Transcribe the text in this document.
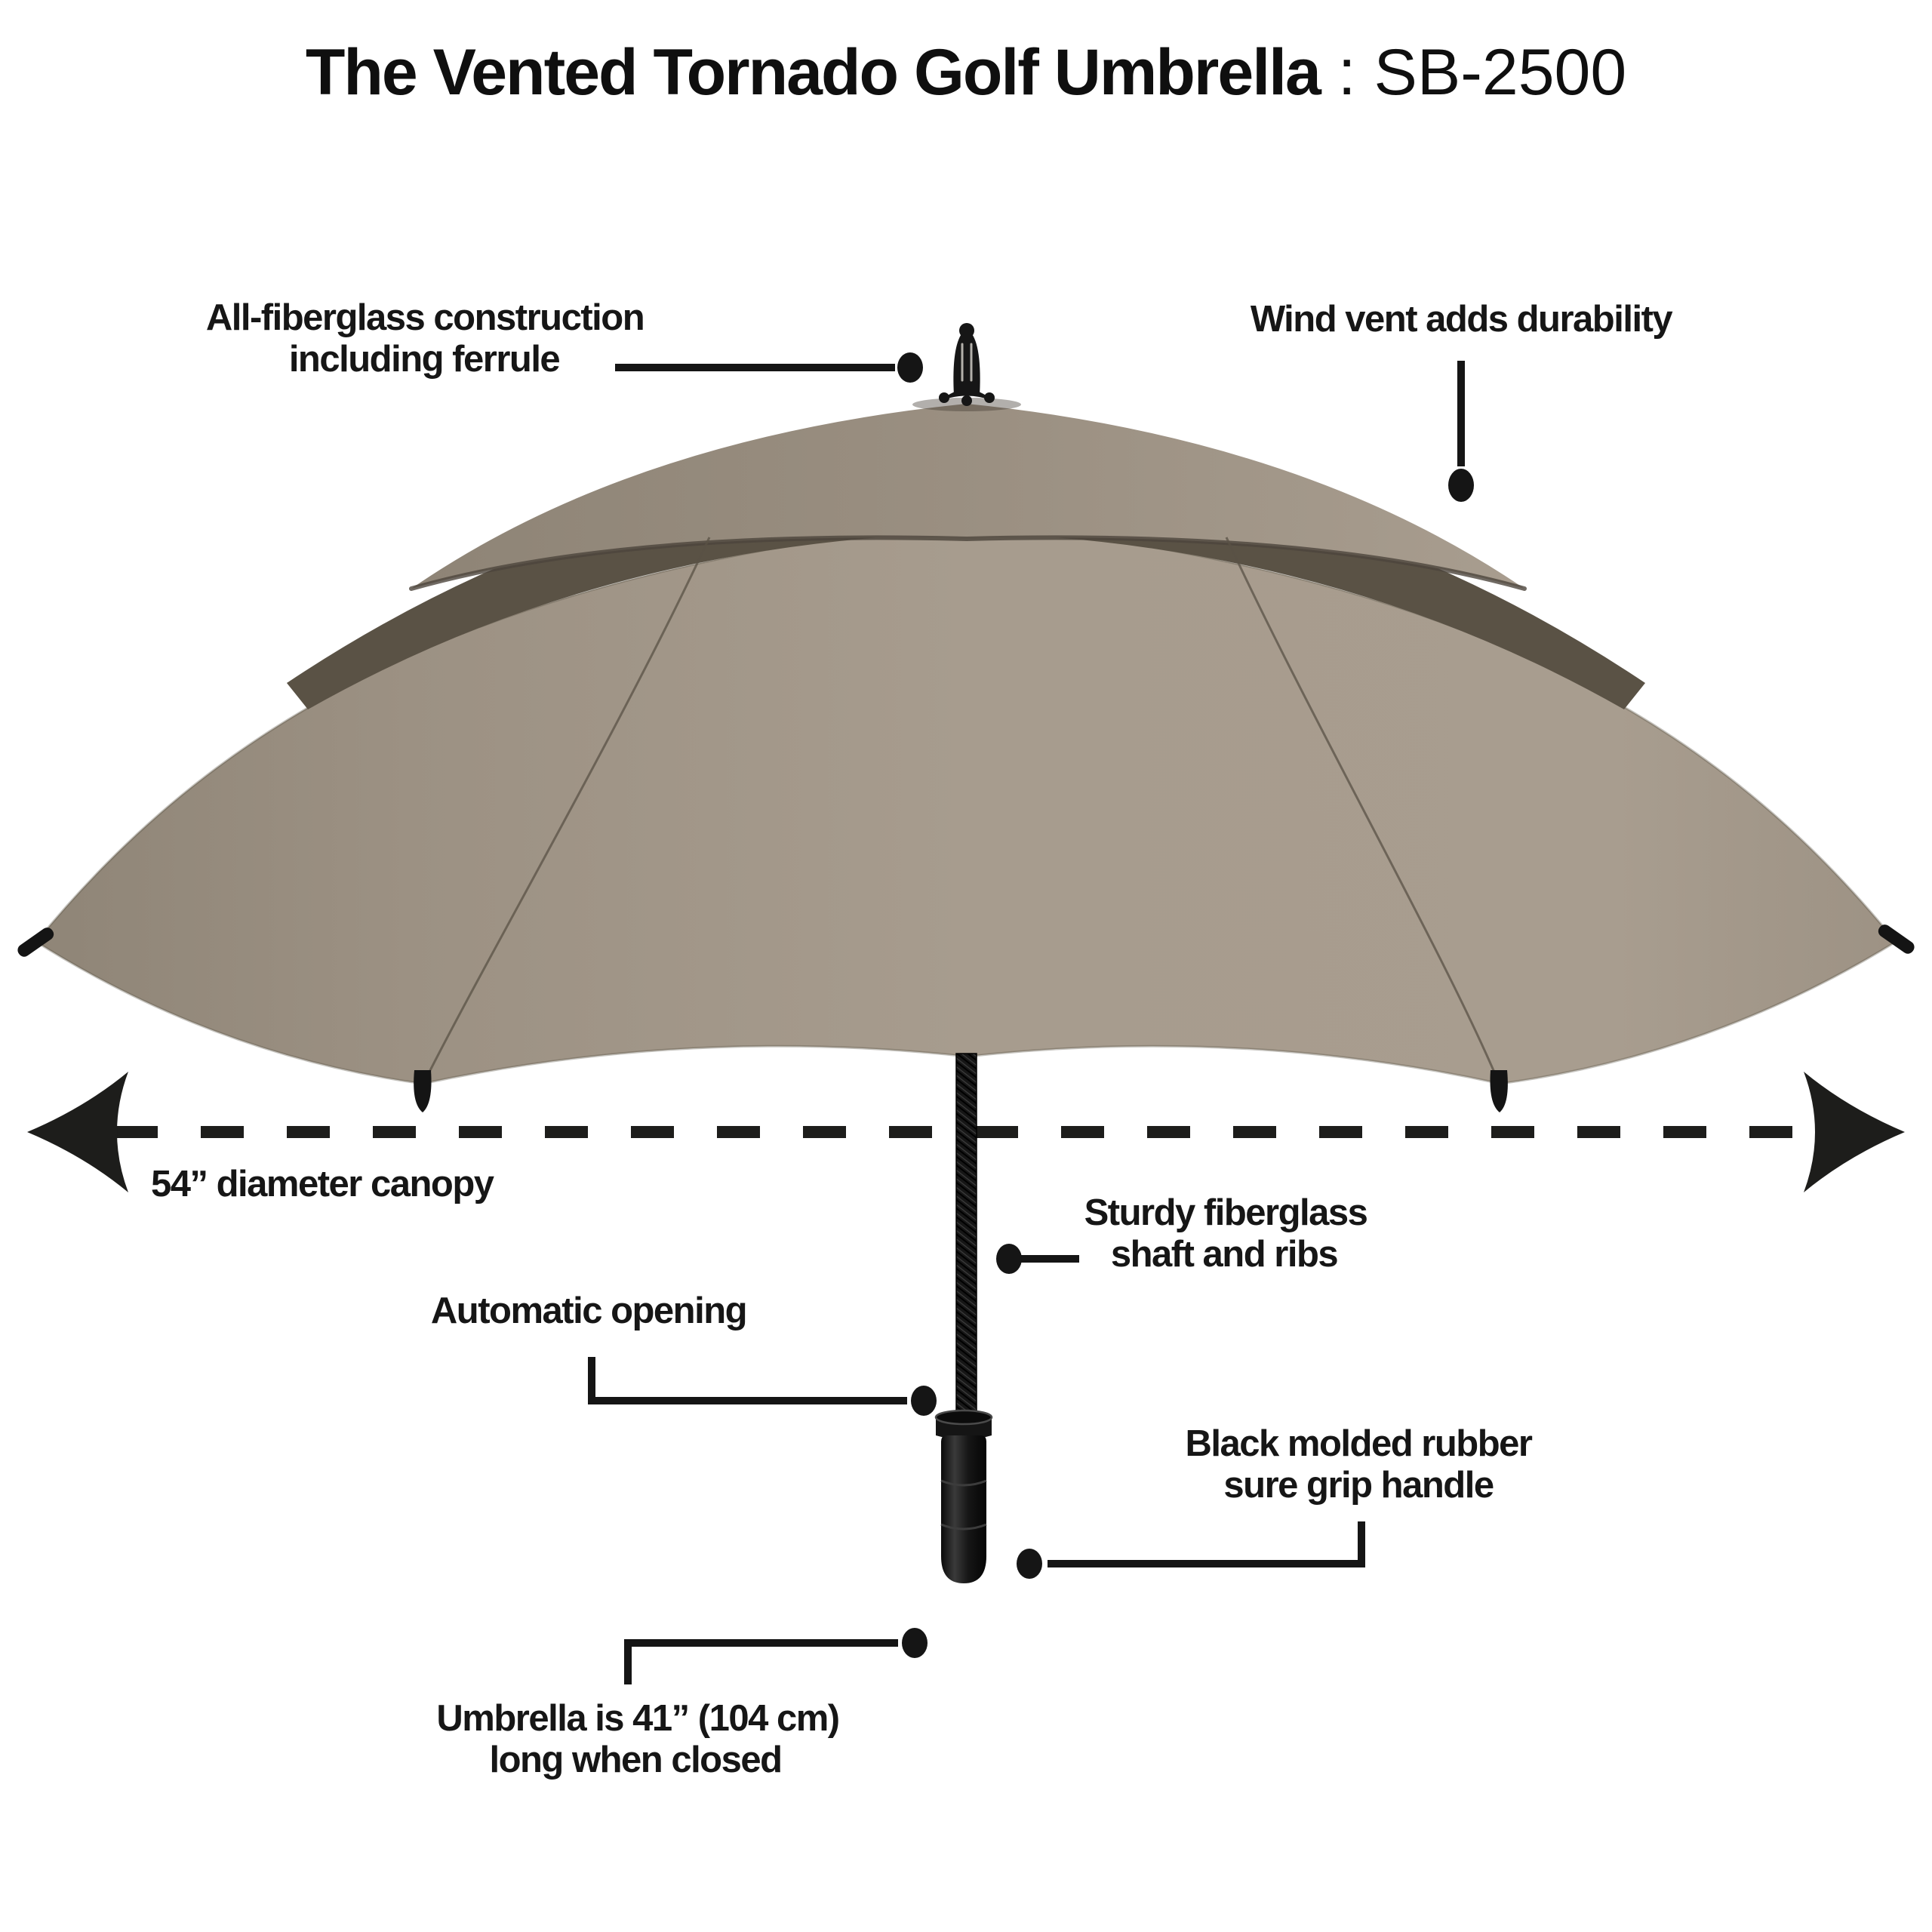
The Vented Tornado Golf Umbrella : SB-2500
All-fiberglass construction
including ferrule
Wind vent adds durability
54” diameter canopy
Sturdy fiberglass
shaft and ribs
Automatic opening
Black molded rubber
sure grip handle
Umbrella is 41” (104 cm)
long when closed
